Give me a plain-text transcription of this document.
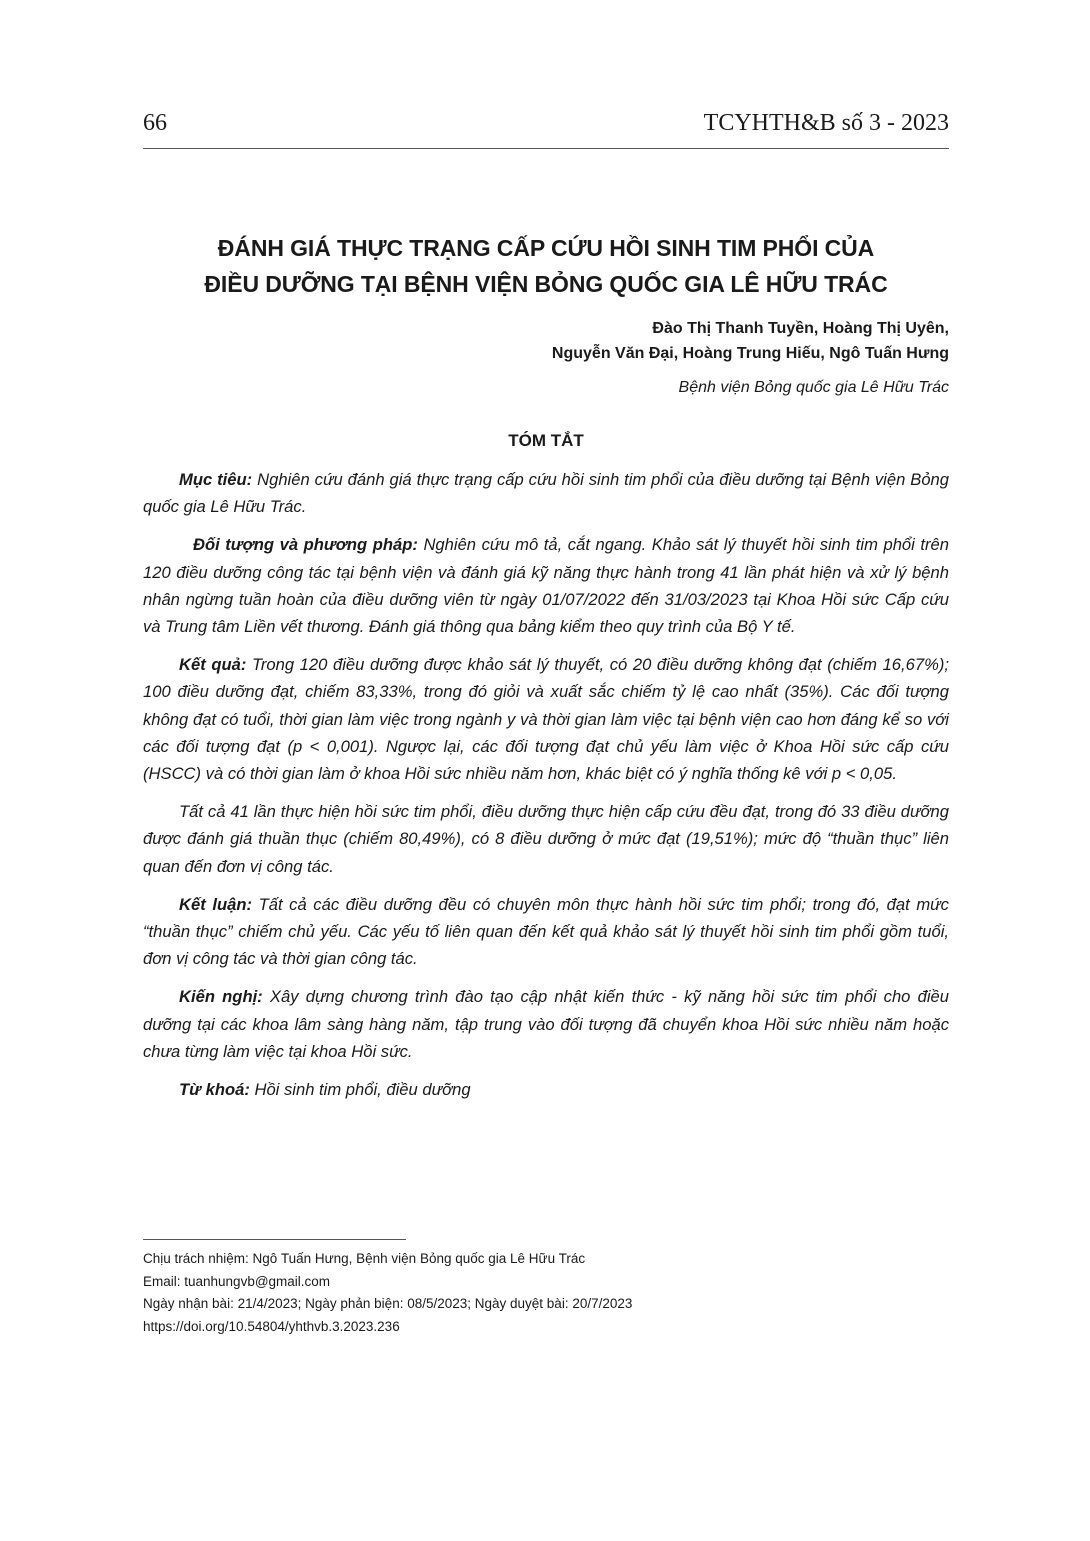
66	TCYHTH&B số 3 - 2023
ĐÁNH GIÁ THỰC TRẠNG CẤP CỨU HỒI SINH TIM PHỔI CỦA
ĐIỀU DƯỠNG TẠI BỆNH VIỆN BỎNG QUỐC GIA LÊ HỮU TRÁC
Đào Thị Thanh Tuyền, Hoàng Thị Uyên,
Nguyễn Văn Đại, Hoàng Trung Hiếu, Ngô Tuấn Hưng
Bệnh viện Bỏng quốc gia Lê Hữu Trác
TÓM TẮT

Mục tiêu: Nghiên cứu đánh giá thực trạng cấp cứu hồi sinh tim phổi của điều dưỡng tại Bệnh viện Bỏng quốc gia Lê Hữu Trác.

Đối tượng và phương pháp: Nghiên cứu mô tả, cắt ngang. Khảo sát lý thuyết hồi sinh tim phổi trên 120 điều dưỡng công tác tại bệnh viện và đánh giá kỹ năng thực hành trong 41 lần phát hiện và xử lý bệnh nhân ngừng tuần hoàn của điều dưỡng viên từ ngày 01/07/2022 đến 31/03/2023 tại Khoa Hồi sức Cấp cứu và Trung tâm Liền vết thương. Đánh giá thông qua bảng kiểm theo quy trình của Bộ Y tế.

Kết quả: Trong 120 điều dưỡng được khảo sát lý thuyết, có 20 điều dưỡng không đạt (chiếm 16,67%); 100 điều dưỡng đạt, chiếm 83,33%, trong đó giỏi và xuất sắc chiếm tỷ lệ cao nhất (35%). Các đối tượng không đạt có tuổi, thời gian làm việc trong ngành y và thời gian làm việc tại bệnh viện cao hơn đáng kể so với các đối tượng đạt (p < 0,001). Ngược lại, các đối tượng đạt chủ yếu làm việc ở Khoa Hồi sức cấp cứu (HSCC) và có thời gian làm ở khoa Hồi sức nhiều năm hơn, khác biệt có ý nghĩa thống kê với p < 0,05.

Tất cả 41 lần thực hiện hồi sức tim phổi, điều dưỡng thực hiện cấp cứu đều đạt, trong đó 33 điều dưỡng được đánh giá thuần thục (chiếm 80,49%), có 8 điều dưỡng ở mức đạt (19,51%); mức độ “thuần thục” liên quan đến đơn vị công tác.

Kết luận: Tất cả các điều dưỡng đều có chuyên môn thực hành hồi sức tim phổi; trong đó, đạt mức “thuần thục” chiếm chủ yếu. Các yếu tố liên quan đến kết quả khảo sát lý thuyết hồi sinh tim phổi gồm tuổi, đơn vị công tác và thời gian công tác.

Kiến nghị: Xây dựng chương trình đào tạo cập nhật kiến thức - kỹ năng hồi sức tim phổi cho điều dưỡng tại các khoa lâm sàng hàng năm, tập trung vào đối tượng đã chuyển khoa Hồi sức nhiều năm hoặc chưa từng làm việc tại khoa Hồi sức.

Từ khoá: Hồi sinh tim phổi, điều dưỡng

Chịu trách nhiệm: Ngô Tuấn Hưng, Bệnh viện Bỏng quốc gia Lê Hữu Trác
Email: tuanhungvb@gmail.com
Ngày nhận bài: 21/4/2023; Ngày phản biện: 08/5/2023; Ngày duyệt bài: 20/7/2023
https://doi.org/10.54804/yhthvb.3.2023.236
